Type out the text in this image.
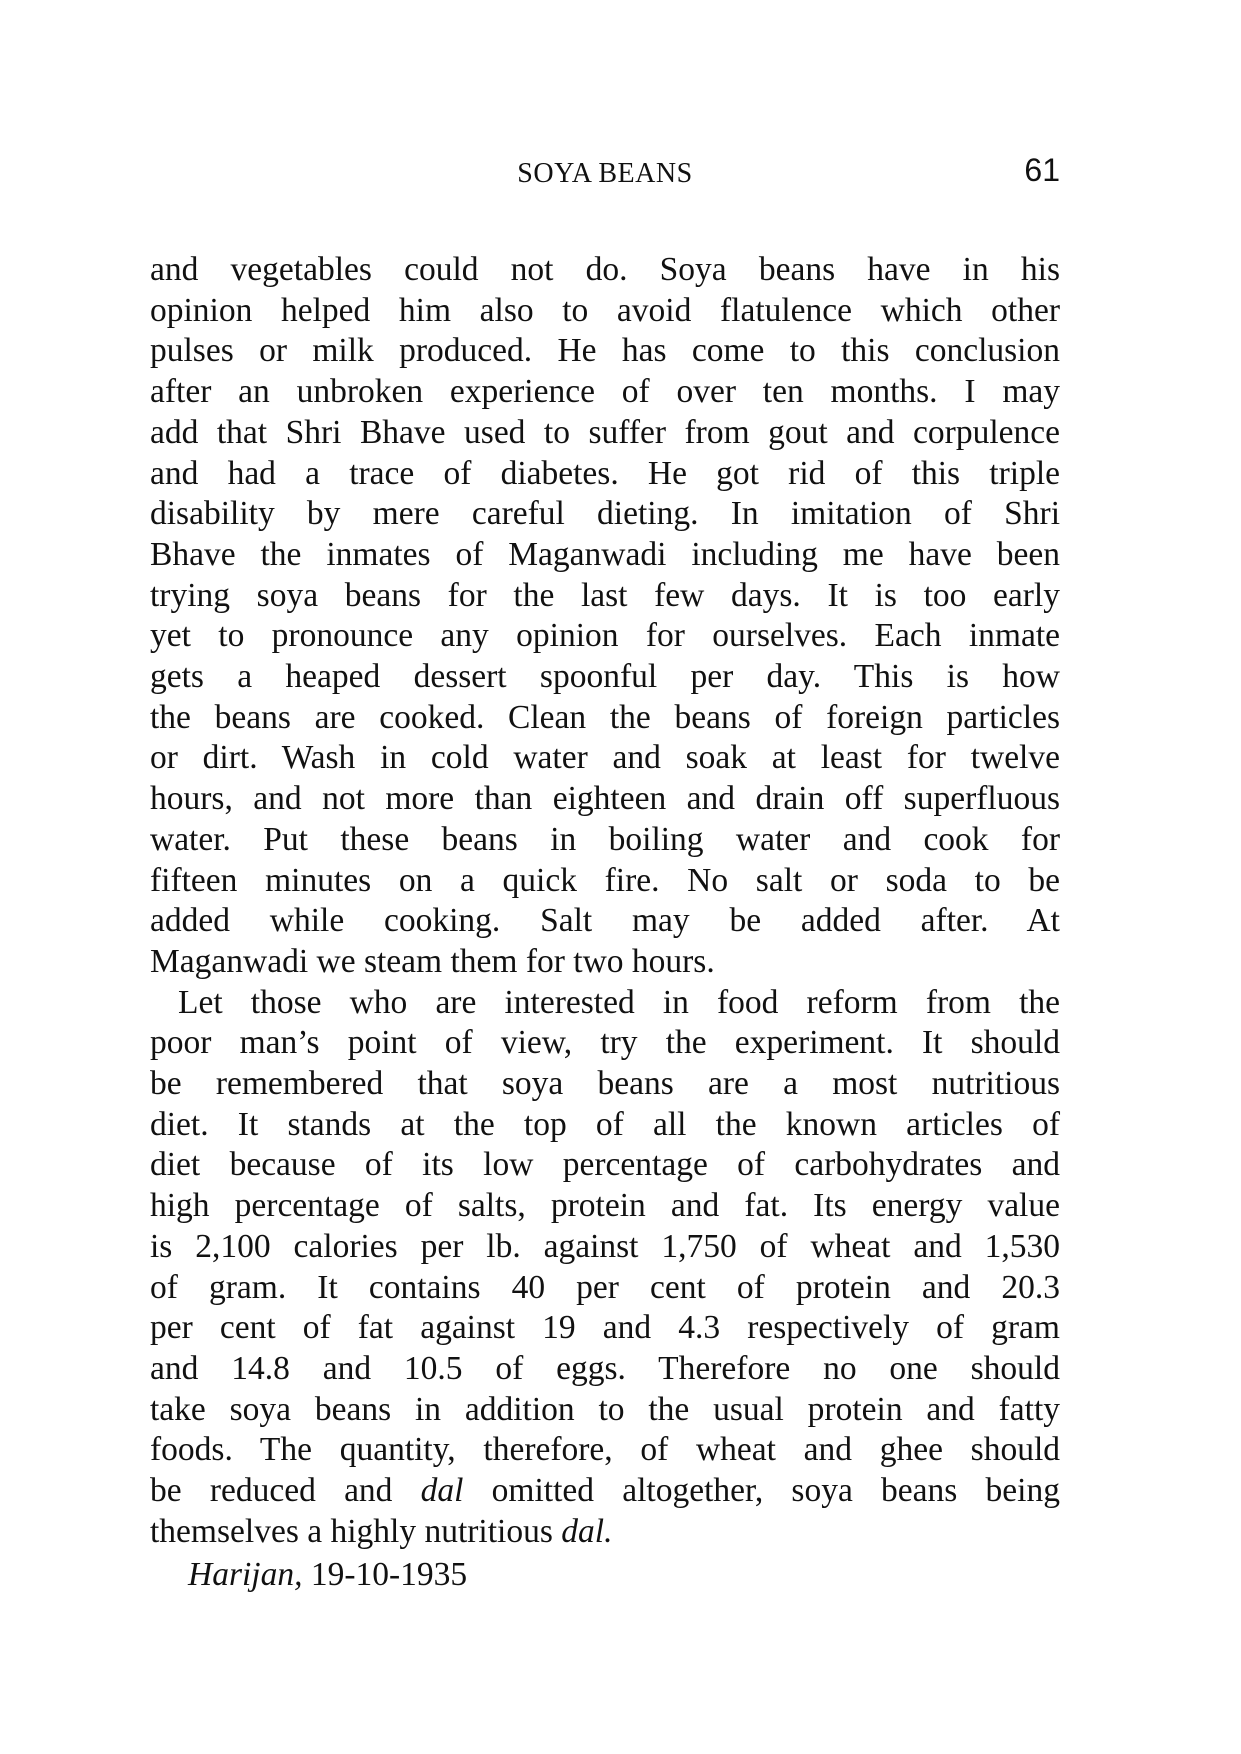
SOYA BEANS	61
and vegetables could not do. Soya beans have in his
opinion helped him also to avoid flatulence which other
pulses or milk produced. He has come to this conclusion
after an unbroken experience of over ten months. I may
add that Shri Bhave used to suffer from gout and corpulence
and had a trace of diabetes. He got rid of this triple
disability by mere careful dieting. In imitation of Shri
Bhave the inmates of Maganwadi including me have been
trying soya beans for the last few days. It is too early
yet to pronounce any opinion for ourselves. Each inmate
gets a heaped dessert spoonful per day. This is how
the beans are cooked. Clean the beans of foreign particles
or dirt. Wash in cold water and soak at least for twelve
hours, and not more than eighteen and drain off superfluous
water. Put these beans in boiling water and cook for
fifteen minutes on a quick fire. No salt or soda to be
added while cooking. Salt may be added after. At
Maganwadi we steam them for two hours.
Let those who are interested in food reform from the
poor man’s point of view, try the experiment. It should
be remembered that soya beans are a most nutritious
diet. It stands at the top of all the known articles of
diet because of its low percentage of carbohydrates and
high percentage of salts, protein and fat. Its energy value
is 2,100 calories per lb. against 1,750 of wheat and 1,530
of gram. It contains 40 per cent of protein and 20.3
per cent of fat against 19 and 4.3 respectively of gram
and 14.8 and 10.5 of eggs. Therefore no one should
take soya beans in addition to the usual protein and fatty
foods. The quantity, therefore, of wheat and ghee should
be reduced and dal omitted altogether, soya beans being
themselves a highly nutritious dal.
Harijan, 19-10-1935
